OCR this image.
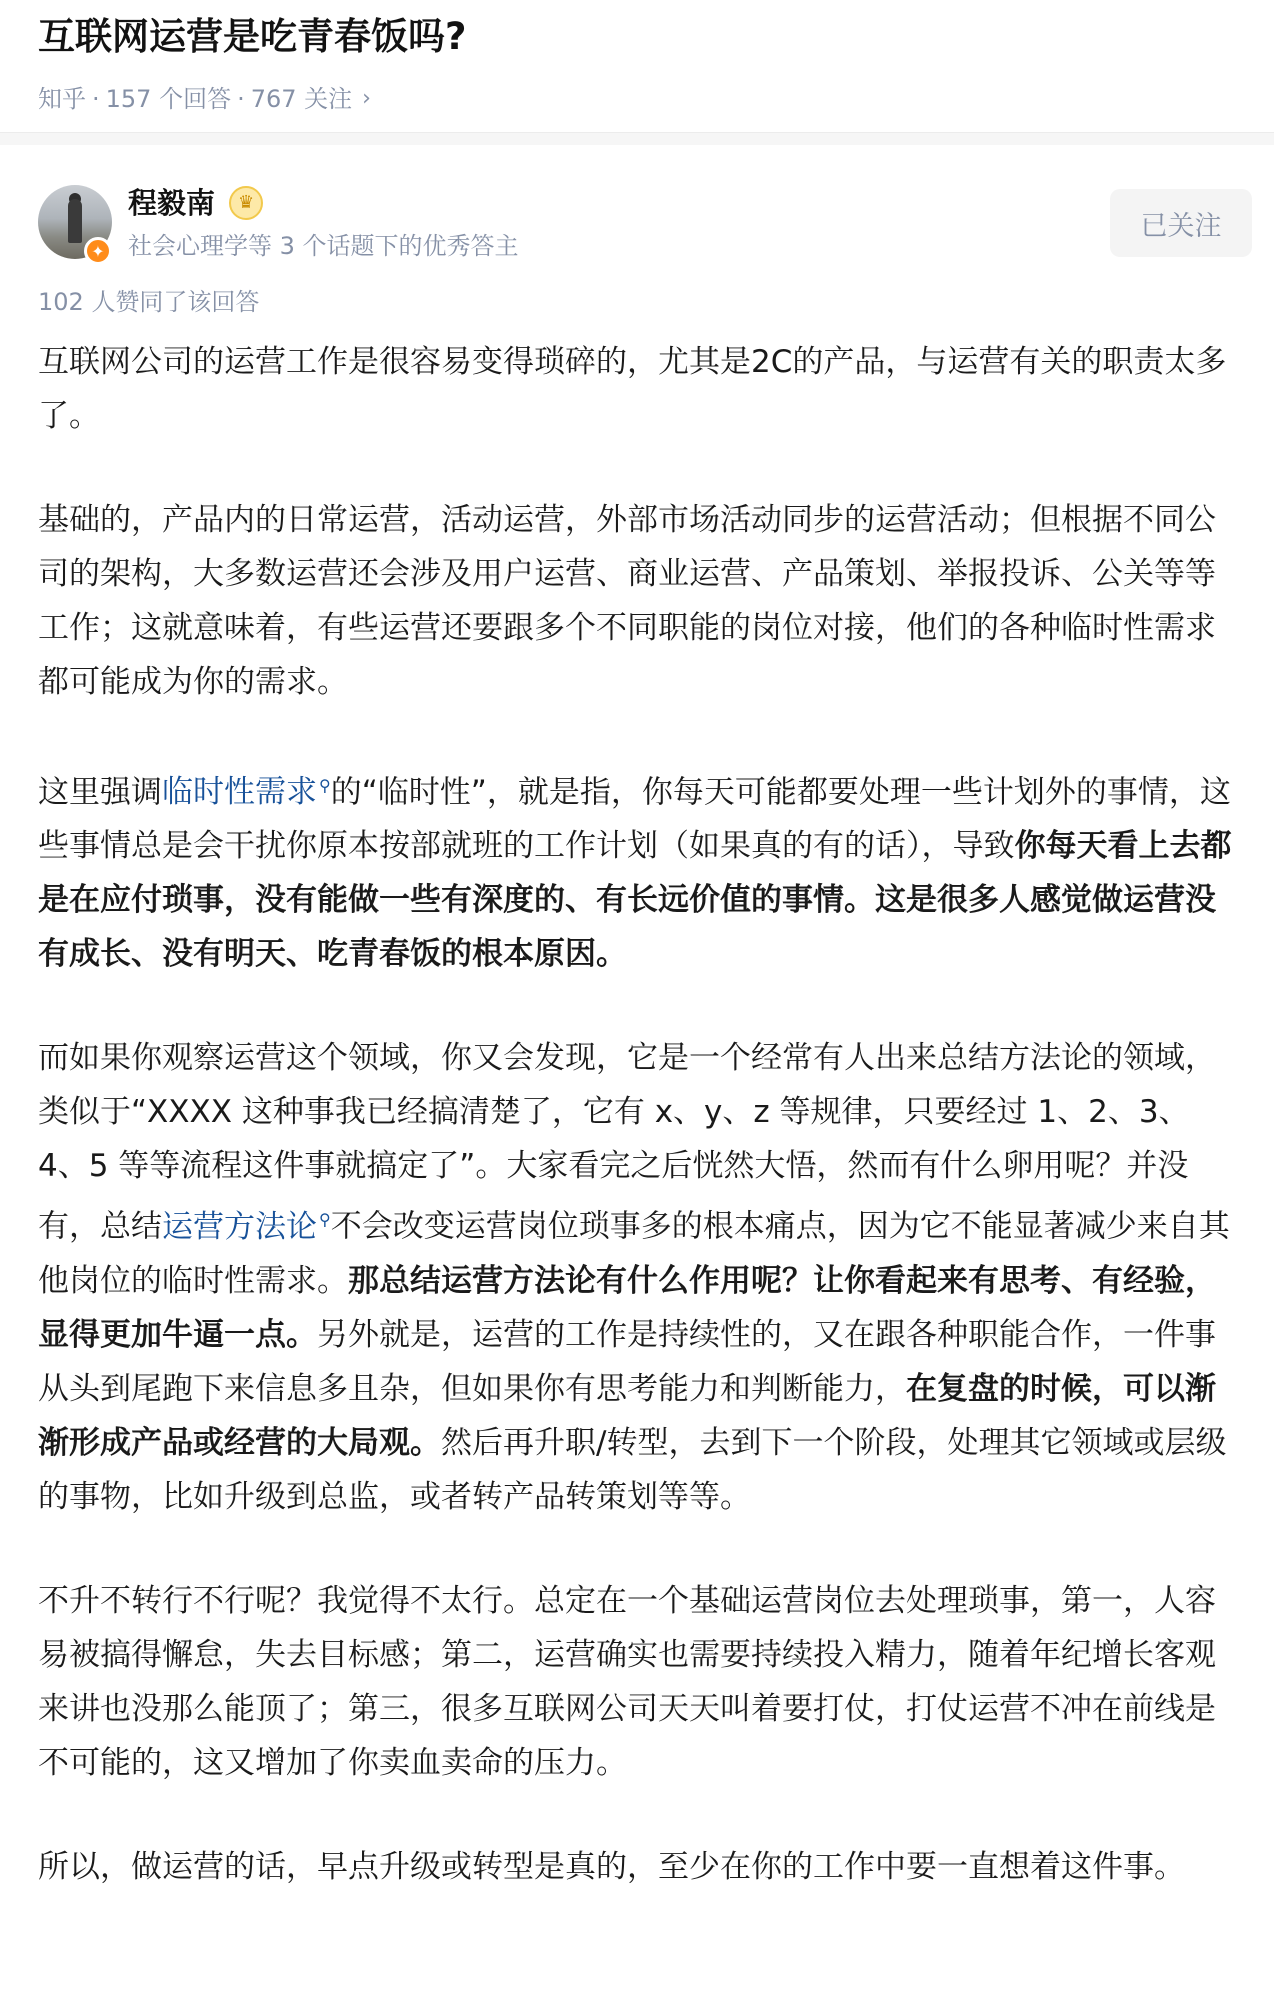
互联网运营是吃青春饭吗?
知乎 · 157 个回答 · 767 关注 ›
✦
程毅南	♛
社会心理学等 3 个话题下的优秀答主
已关注
102 人赞同了该回答

互联网公司的运营工作是很容易变得琐碎的，尤其是2C的产品，与运营有关的职责太多了。

基础的，产品内的日常运营，活动运营，外部市场活动同步的运营活动；但根据不同公司的架构，大多数运营还会涉及用户运营、商业运营、产品策划、举报投诉、公关等等工作；这就意味着，有些运营还要跟多个不同职能的岗位对接，他们的各种临时性需求都可能成为你的需求。

这里强调临时性需求 ⚲的“临时性”，就是指，你每天可能都要处理一些计划外的事情，这些事情总是会干扰你原本按部就班的工作计划（如果真的有的话），导致你每天看上去都是在应付琐事，没有能做一些有深度的、有长远价值的事情。这是很多人感觉做运营没有成长、没有明天、吃青春饭的根本原因。

而如果你观察运营这个领域，你又会发现，它是一个经常有人出来总结方法论的领域，类似于“XXXX 这种事我已经搞清楚了，它有 x、y、z 等规律，只要经过 1、2、3、4、5 等等流程这件事就搞定了”。大家看完之后恍然大悟，然而有什么卵用呢？并没有，总结运营方法论 ⚲不会改变运营岗位琐事多的根本痛点，因为它不能显著减少来自其他岗位的临时性需求。那总结运营方法论有什么作用呢？让你看起来有思考、有经验，显得更加牛逼一点。另外就是，运营的工作是持续性的，又在跟各种职能合作，一件事从头到尾跑下来信息多且杂，但如果你有思考能力和判断能力，在复盘的时候，可以渐渐形成产品或经营的大局观。然后再升职/转型，去到下一个阶段，处理其它领域或层级的事物，比如升级到总监，或者转产品转策划等等。

不升不转行不行呢？我觉得不太行。总定在一个基础运营岗位去处理琐事，第一，人容易被搞得懈怠，失去目标感；第二，运营确实也需要持续投入精力，随着年纪增长客观来讲也没那么能顶了；第三，很多互联网公司天天叫着要打仗，打仗运营不冲在前线是不可能的，这又增加了你卖血卖命的压力。

所以，做运营的话，早点升级或转型是真的，至少在你的工作中要一直想着这件事。
